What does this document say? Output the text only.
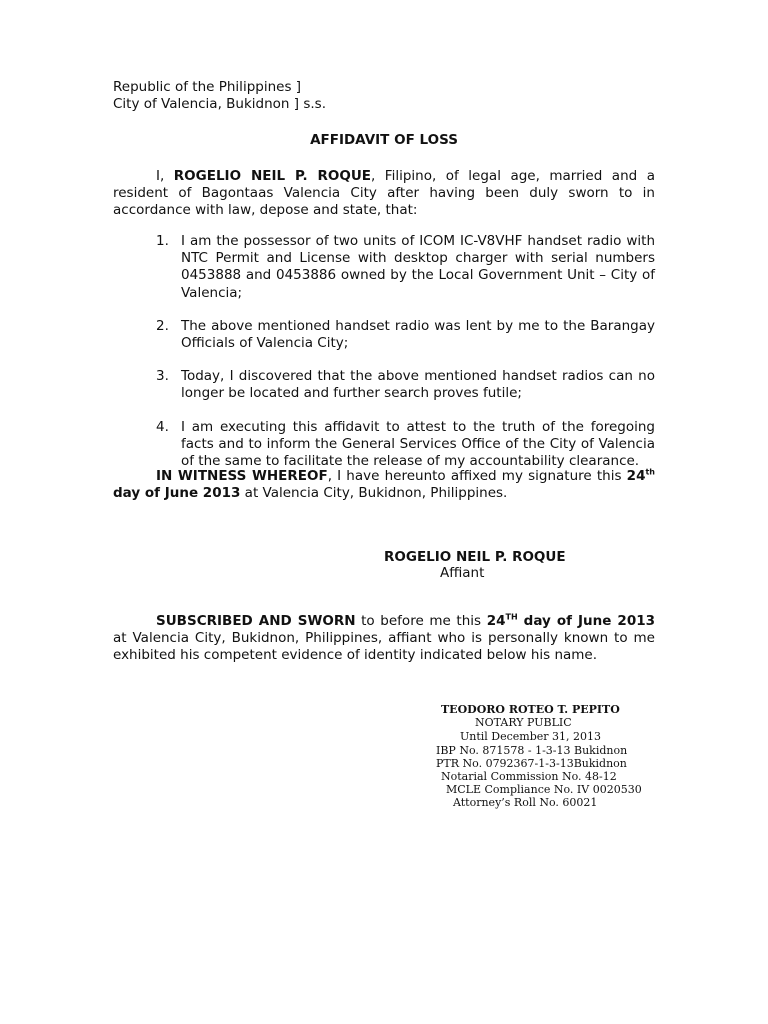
Republic of the Philippines ]
City of Valencia, Bukidnon ] s.s.
AFFIDAVIT OF LOSS
I, ROGELIO NEIL P. ROQUE, Filipino, of legal age, married and a resident of Bagontaas Valencia City after having been duly sworn to in accordance with law, depose and state, that:
1. I am the possessor of two units of ICOM IC-V8VHF handset radio with NTC Permit and License with desktop charger with serial numbers 0453888 and 0453886 owned by the Local Government Unit – City of Valencia;
2. The above mentioned handset radio was lent by me to the Barangay Officials of Valencia City;
3. Today, I discovered that the above mentioned handset radios can no longer be located and further search proves futile;
4. I am executing this affidavit to attest to the truth of the foregoing facts and to inform the General Services Office of the City of Valencia of the same to facilitate the release of my accountability clearance.
IN WITNESS WHEREOF, I have hereunto affixed my signature this 24th day of June 2013 at Valencia City, Bukidnon, Philippines.
ROGELIO NEIL P. ROQUE
Affiant
SUBSCRIBED AND SWORN to before me this 24TH day of June 2013 at Valencia City, Bukidnon, Philippines, affiant who is personally known to me exhibited his competent evidence of identity indicated below his name.
TEODORO ROTEO T. PEPITO
NOTARY PUBLIC
Until December 31, 2013
IBP No. 871578 - 1-3-13 Bukidnon
PTR No. 0792367-1-3-13Bukidnon
Notarial Commission No. 48-12
MCLE Compliance No. IV 0020530
Attorney’s Roll No. 60021
